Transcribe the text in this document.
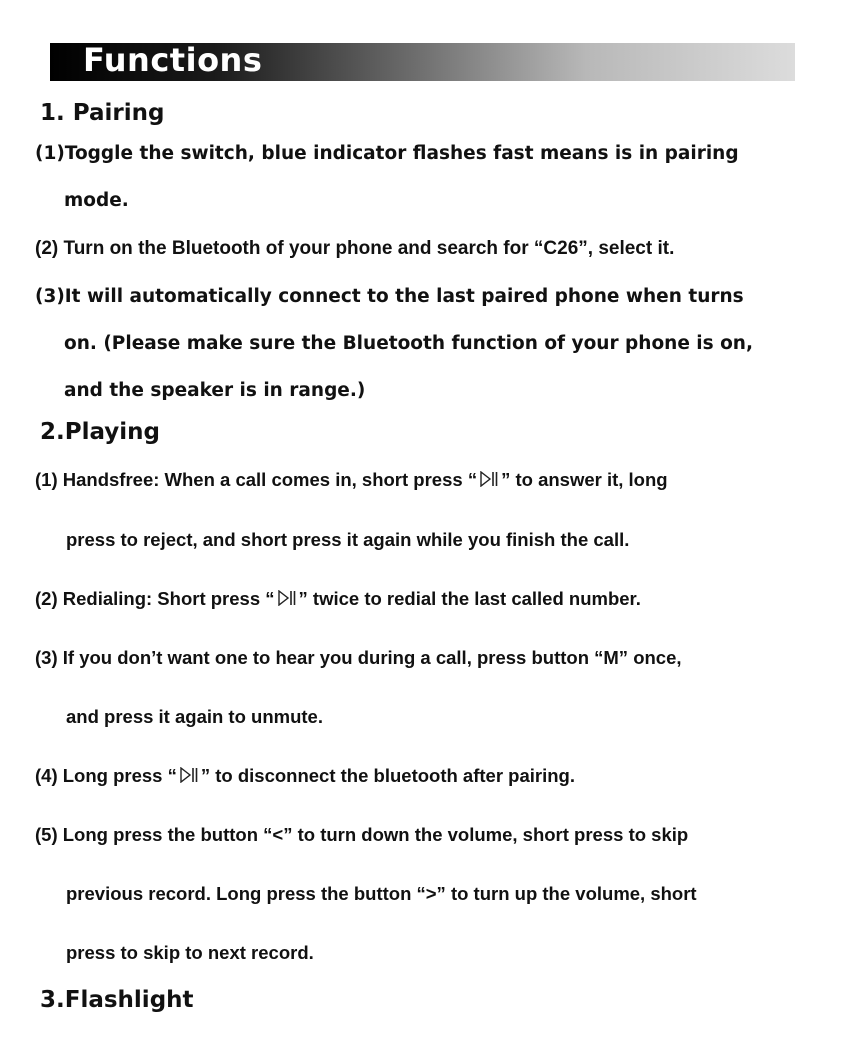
Functions
1. Pairing
(1)Toggle the switch, blue indicator flashes fast means is in pairing
mode.
(2) Turn on the Bluetooth of your phone and search for “C26”, select it.
(3)It will automatically connect to the last paired phone when turns
on. (Please make sure the Bluetooth function of your phone is on,
and the speaker is in range.)
2.Playing
(1) Handsfree: When a call comes in, short press “ ” to answer it, long
press to reject, and short press it again while you finish the call.
(2) Redialing: Short press “ ” twice to redial the last called number.
(3) If you don’t want one to hear you during a call, press button “M” once,
and press it again to unmute.
(4) Long press “ ” to disconnect the bluetooth after pairing.
(5) Long press the button “<” to turn down the volume, short press to skip
previous record. Long press the button “>” to turn up the volume, short
press to skip to next record.
3.Flashlight
